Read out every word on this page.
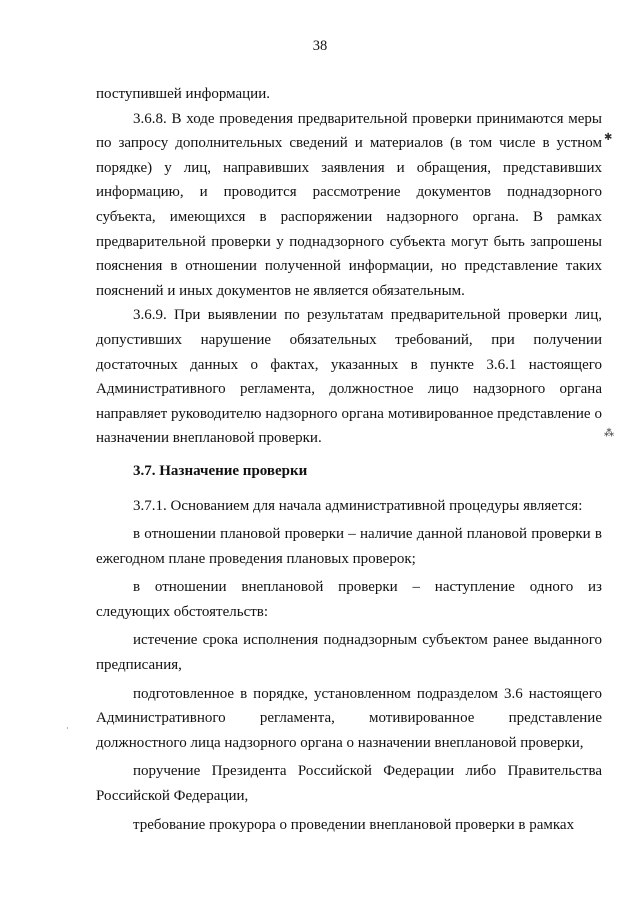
38
✱
⁂
·

поступившей информации.

3.6.8. В ходе проведения предварительной проверки принимаются меры по запросу дополнительных сведений и материалов (в том числе в устном порядке) у лиц, направивших заявления и обращения, представивших информацию, и проводится рассмотрение документов поднадзорного субъекта, имеющихся в распоряжении надзорного органа. В рамках предварительной проверки у поднадзорного субъекта могут быть запрошены пояснения в отношении полученной информации, но представление таких пояснений и иных документов не является обязательным.

3.6.9. При выявлении по результатам предварительной проверки лиц, допустивших нарушение обязательных требований, при получении достаточных данных о фактах, указанных в пункте 3.6.1 настоящего Административного регламента, должностное лицо надзорного органа направляет руководителю надзорного органа мотивированное представление о назначении внеплановой проверки.

3.7. Назначение проверки

3.7.1. Основанием для начала административной процедуры является:

в отношении плановой проверки – наличие данной плановой проверки в ежегодном плане проведения плановых проверок;

в отношении внеплановой проверки – наступление одного из следующих обстоятельств:

истечение срока исполнения поднадзорным субъектом ранее выданного предписания,

подготовленное в порядке, установленном подразделом 3.6 настоящего Административного регламента, мотивированное представление должностного лица надзорного органа о назначении внеплановой проверки,

поручение Президента Российской Федерации либо Правительства Российской Федерации,

требование прокурора о проведении внеплановой проверки в рамках
